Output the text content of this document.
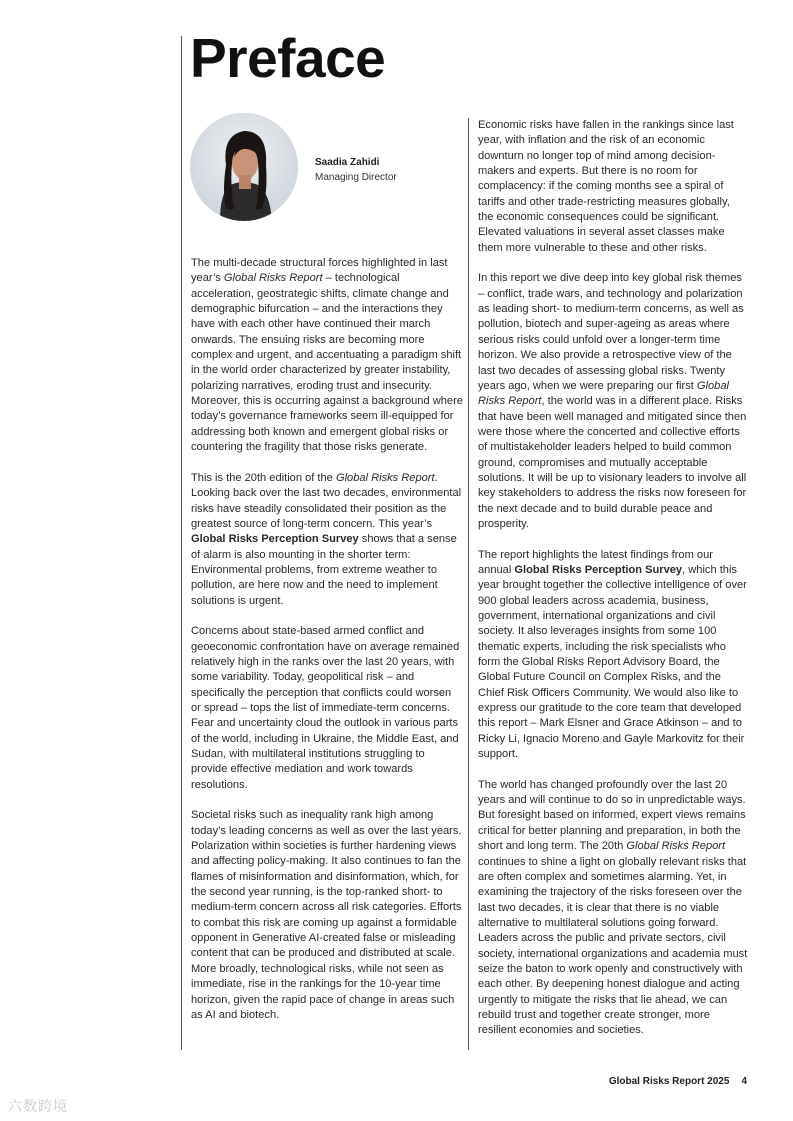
Preface
Saadia Zahidi
Managing Director

The multi-decade structural forces highlighted in last year’s Global Risks Report – technological acceleration, geostrategic shifts, climate change and demographic bifurcation – and the interactions they have with each other have continued their march onwards. The ensuing risks are becoming more complex and urgent, and accentuating a paradigm shift in the world order characterized by greater instability, polarizing narratives, eroding trust and insecurity. Moreover, this is occurring against a background where today’s governance frameworks seem ill-equipped for addressing both known and emergent global risks or countering the fragility that those risks generate.

This is the 20th edition of the Global Risks Report. Looking back over the last two decades, environmental risks have steadily consolidated their position as the greatest source of long-term concern. This year’s Global Risks Perception Survey shows that a sense of alarm is also mounting in the shorter term: Environmental problems, from extreme weather to pollution, are here now and the need to implement solutions is urgent.

Concerns about state-based armed conflict and geoeconomic confrontation have on average remained relatively high in the ranks over the last 20 years, with some variability. Today, geopolitical risk – and specifically the perception that conflicts could worsen or spread – tops the list of immediate-term concerns. Fear and uncertainty cloud the outlook in various parts of the world, including in Ukraine, the Middle East, and Sudan, with multilateral institutions struggling to provide effective mediation and work towards resolutions.

Societal risks such as inequality rank high among today’s leading concerns as well as over the last years. Polarization within societies is further hardening views and affecting policy-making. It also continues to fan the flames of misinformation and disinformation, which, for the second year running, is the top-ranked short- to medium-term concern across all risk categories. Efforts to combat this risk are coming up against a formidable opponent in Generative AI-created false or misleading content that can be produced and distributed at scale. More broadly, technological risks, while not seen as immediate, rise in the rankings for the 10-year time horizon, given the rapid pace of change in areas such as AI and biotech.

Economic risks have fallen in the rankings since last year, with inflation and the risk of an economic downturn no longer top of mind among decision-makers and experts. But there is no room for complacency: if the coming months see a spiral of tariffs and other trade-restricting measures globally, the economic consequences could be significant. Elevated valuations in several asset classes make them more vulnerable to these and other risks.

In this report we dive deep into key global risk themes – conflict, trade wars, and technology and polarization as leading short- to medium-term concerns, as well as pollution, biotech and super-ageing as areas where serious risks could unfold over a longer-term time horizon. We also provide a retrospective view of the last two decades of assessing global risks. Twenty years ago, when we were preparing our first Global Risks Report, the world was in a different place. Risks that have been well managed and mitigated since then were those where the concerted and collective efforts of multistakeholder leaders helped to build common ground, compromises and mutually acceptable solutions. It will be up to visionary leaders to involve all key stakeholders to address the risks now foreseen for the next decade and to build durable peace and prosperity.

The report highlights the latest findings from our annual Global Risks Perception Survey, which this year brought together the collective intelligence of over 900 global leaders across academia, business, government, international organizations and civil society. It also leverages insights from some 100 thematic experts, including the risk specialists who form the Global Risks Report Advisory Board, the Global Future Council on Complex Risks, and the Chief Risk Officers Community. We would also like to express our gratitude to the core team that developed this report – Mark Elsner and Grace Atkinson – and to Ricky Li, Ignacio Moreno and Gayle Markovitz for their support.

The world has changed profoundly over the last 20 years and will continue to do so in unpredictable ways. But foresight based on informed, expert views remains critical for better planning and preparation, in both the short and long term. The 20th Global Risks Report continues to shine a light on globally relevant risks that are often complex and sometimes alarming. Yet, in examining the trajectory of the risks foreseen over the last two decades, it is clear that there is no viable alternative to multilateral solutions going forward. Leaders across the public and private sectors, civil society, international organizations and academia must seize the baton to work openly and constructively with each other. By deepening honest dialogue and acting urgently to mitigate the risks that lie ahead, we can rebuild trust and together create stronger, more resilient economies and societies.

Global Risks Report 2025 4
六数跨境
